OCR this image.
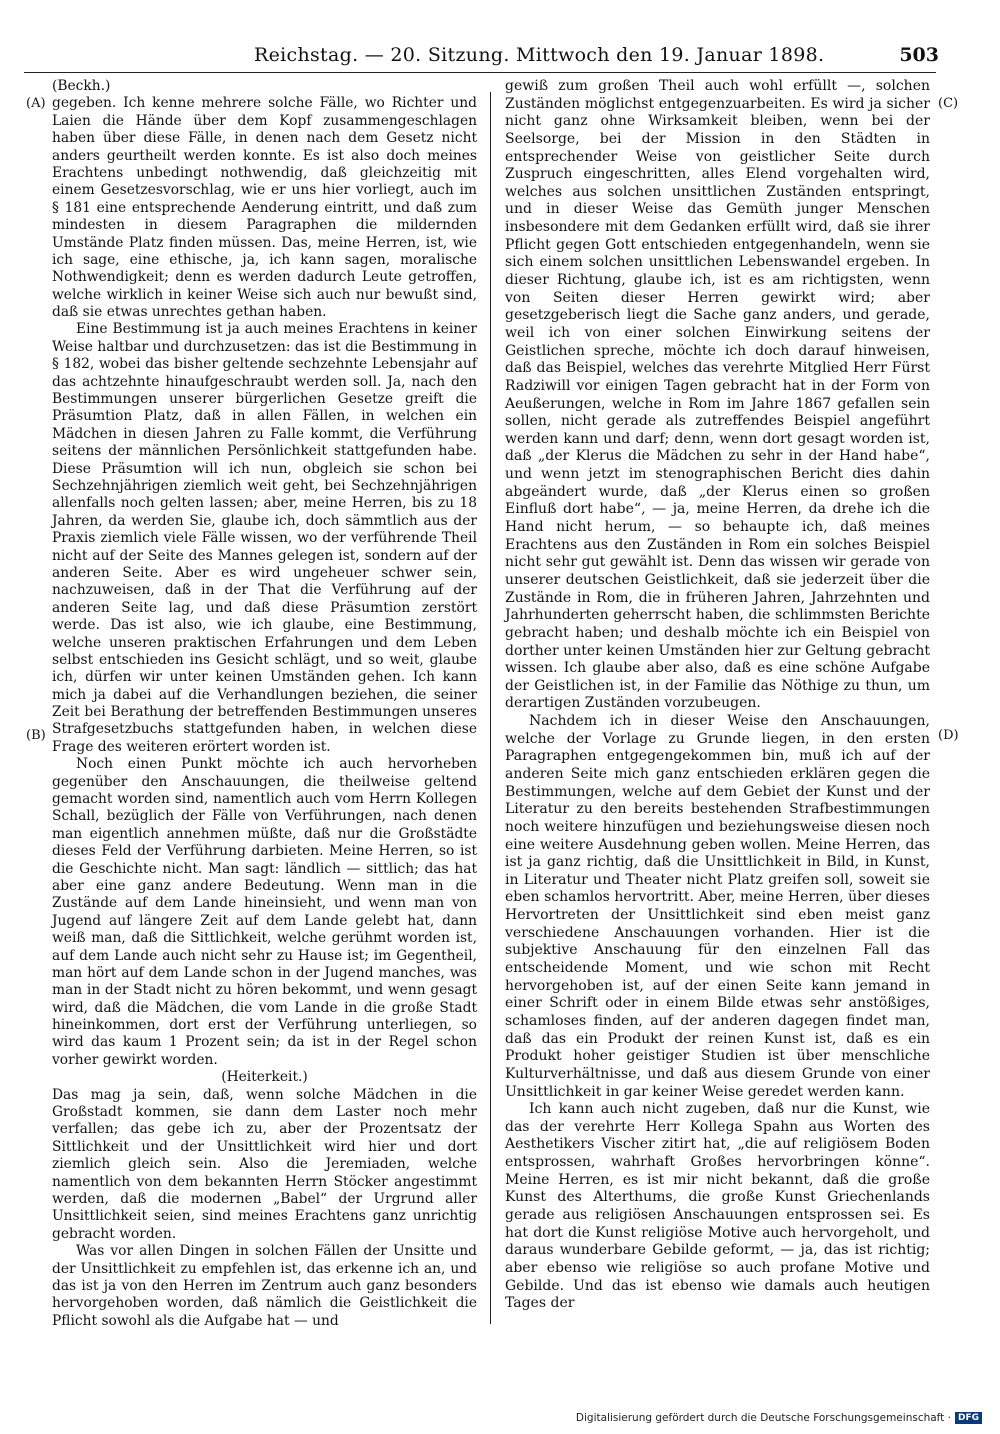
Reichstag. — 20. Sitzung. Mittwoch den 19. Januar 1898.	503
(A)
(B)
(C)
(D)
(Beckh.)

gegeben. Ich kenne mehrere solche Fälle, wo Richter und Laien die Hände über dem Kopf zusammengeschlagen haben über diese Fälle, in denen nach dem Gesetz nicht anders geurtheilt werden konnte. Es ist also doch meines Erachtens unbedingt nothwendig, daß gleichzeitig mit einem Gesetzesvorschlag, wie er uns hier vorliegt, auch im § 181 eine entsprechende Aenderung eintritt, und daß zum mindesten in diesem Paragraphen die mildernden Umstände Platz finden müssen. Das, meine Herren, ist, wie ich sage, eine ethische, ja, ich kann sagen, moralische Nothwendigkeit; denn es werden dadurch Leute getroffen, welche wirklich in keiner Weise sich auch nur bewußt sind, daß sie etwas unrechtes gethan haben.

Eine Bestimmung ist ja auch meines Erachtens in keiner Weise haltbar und durchzusetzen: das ist die Bestimmung in § 182, wobei das bisher geltende sechzehnte Lebensjahr auf das achtzehnte hinaufgeschraubt werden soll. Ja, nach den Bestimmungen unserer bürgerlichen Gesetze greift die Präsumtion Platz, daß in allen Fällen, in welchen ein Mädchen in diesen Jahren zu Falle kommt, die Verführung seitens der männlichen Persönlichkeit stattgefunden habe. Diese Präsumtion will ich nun, obgleich sie schon bei Sechzehnjährigen ziemlich weit geht, bei Sechzehnjährigen allenfalls noch gelten lassen; aber, meine Herren, bis zu 18 Jahren, da werden Sie, glaube ich, doch sämmtlich aus der Praxis ziemlich viele Fälle wissen, wo der verführende Theil nicht auf der Seite des Mannes gelegen ist, sondern auf der anderen Seite. Aber es wird ungeheuer schwer sein, nachzuweisen, daß in der That die Verführung auf der anderen Seite lag, und daß diese Präsumtion zerstört werde. Das ist also, wie ich glaube, eine Bestimmung, welche unseren praktischen Erfahrungen und dem Leben selbst entschieden ins Gesicht schlägt, und so weit, glaube ich, dürfen wir unter keinen Umständen gehen. Ich kann mich ja dabei auf die Verhandlungen beziehen, die seiner Zeit bei Berathung der betreffenden Bestimmungen unseres Strafgesetzbuchs stattgefunden haben, in welchen diese Frage des weiteren erörtert worden ist.

Noch einen Punkt möchte ich auch hervorheben gegenüber den Anschauungen, die theilweise geltend gemacht worden sind, namentlich auch vom Herrn Kollegen Schall, bezüglich der Fälle von Verführungen, nach denen man eigentlich annehmen müßte, daß nur die Großstädte dieses Feld der Verführung darbieten. Meine Herren, so ist die Geschichte nicht. Man sagt: ländlich — sittlich; das hat aber eine ganz andere Bedeutung. Wenn man in die Zustände auf dem Lande hineinsieht, und wenn man von Jugend auf längere Zeit auf dem Lande gelebt hat, dann weiß man, daß die Sittlichkeit, welche gerühmt worden ist, auf dem Lande auch nicht sehr zu Hause ist; im Gegentheil, man hört auf dem Lande schon in der Jugend manches, was man in der Stadt nicht zu hören bekommt, und wenn gesagt wird, daß die Mädchen, die vom Lande in die große Stadt hineinkommen, dort erst der Verführung unterliegen, so wird das kaum 1 Prozent sein; da ist in der Regel schon vorher gewirkt worden.

(Heiterkeit.)

Das mag ja sein, daß, wenn solche Mädchen in die Großstadt kommen, sie dann dem Laster noch mehr verfallen; das gebe ich zu, aber der Prozentsatz der Sittlichkeit und der Unsittlichkeit wird hier und dort ziemlich gleich sein. Also die Jeremiaden, welche namentlich von dem bekannten Herrn Stöcker angestimmt werden, daß die modernen „Babel“ der Urgrund aller Unsittlichkeit seien, sind meines Erachtens ganz unrichtig gebracht worden.

Was vor allen Dingen in solchen Fällen der Unsitte und der Unsittlichkeit zu empfehlen ist, das erkenne ich an, und das ist ja von den Herren im Zentrum auch ganz besonders hervorgehoben worden, daß nämlich die Geistlichkeit die Pflicht sowohl als die Aufgabe hat — und

gewiß zum großen Theil auch wohl erfüllt —, solchen Zuständen möglichst entgegenzuarbeiten. Es wird ja sicher nicht ganz ohne Wirksamkeit bleiben, wenn bei der Seelsorge, bei der Mission in den Städten in entsprechender Weise von geistlicher Seite durch Zuspruch eingeschritten, alles Elend vorgehalten wird, welches aus solchen unsittlichen Zuständen entspringt, und in dieser Weise das Gemüth junger Menschen insbesondere mit dem Gedanken erfüllt wird, daß sie ihrer Pflicht gegen Gott entschieden entgegenhandeln, wenn sie sich einem solchen unsittlichen Lebenswandel ergeben. In dieser Richtung, glaube ich, ist es am richtigsten, wenn von Seiten dieser Herren gewirkt wird; aber gesetzgeberisch liegt die Sache ganz anders, und gerade, weil ich von einer solchen Einwirkung seitens der Geistlichen spreche, möchte ich doch darauf hinweisen, daß das Beispiel, welches das verehrte Mitglied Herr Fürst Radziwill vor einigen Tagen gebracht hat in der Form von Aeußerungen, welche in Rom im Jahre 1867 gefallen sein sollen, nicht gerade als zutreffendes Beispiel angeführt werden kann und darf; denn, wenn dort gesagt worden ist, daß „der Klerus die Mädchen zu sehr in der Hand habe“, und wenn jetzt im stenographischen Bericht dies dahin abgeändert wurde, daß „der Klerus einen so großen Einfluß dort habe“, — ja, meine Herren, da drehe ich die Hand nicht herum, — so behaupte ich, daß meines Erachtens aus den Zuständen in Rom ein solches Beispiel nicht sehr gut gewählt ist. Denn das wissen wir gerade von unserer deutschen Geistlichkeit, daß sie jederzeit über die Zustände in Rom, die in früheren Jahren, Jahrzehnten und Jahrhunderten geherrscht haben, die schlimmsten Berichte gebracht haben; und deshalb möchte ich ein Beispiel von dorther unter keinen Umständen hier zur Geltung gebracht wissen. Ich glaube aber also, daß es eine schöne Aufgabe der Geistlichen ist, in der Familie das Nöthige zu thun, um derartigen Zuständen vorzubeugen.

Nachdem ich in dieser Weise den Anschauungen, welche der Vorlage zu Grunde liegen, in den ersten Paragraphen entgegengekommen bin, muß ich auf der anderen Seite mich ganz entschieden erklären gegen die Bestimmungen, welche auf dem Gebiet der Kunst und der Literatur zu den bereits bestehenden Strafbestimmungen noch weitere hinzufügen und beziehungsweise diesen noch eine weitere Ausdehnung geben wollen. Meine Herren, das ist ja ganz richtig, daß die Unsittlichkeit in Bild, in Kunst, in Literatur und Theater nicht Platz greifen soll, soweit sie eben schamlos hervortritt. Aber, meine Herren, über dieses Hervortreten der Unsittlichkeit sind eben meist ganz verschiedene Anschauungen vorhanden. Hier ist die subjektive Anschauung für den einzelnen Fall das entscheidende Moment, und wie schon mit Recht hervorgehoben ist, auf der einen Seite kann jemand in einer Schrift oder in einem Bilde etwas sehr anstößiges, schamloses finden, auf der anderen dagegen findet man, daß das ein Produkt der reinen Kunst ist, daß es ein Produkt hoher geistiger Studien ist über menschliche Kulturverhältnisse, und daß aus diesem Grunde von einer Unsittlichkeit in gar keiner Weise geredet werden kann.

Ich kann auch nicht zugeben, daß nur die Kunst, wie das der verehrte Herr Kollega Spahn aus Worten des Aesthetikers Vischer zitirt hat, „die auf religiösem Boden entsprossen, wahrhaft Großes hervorbringen könne“. Meine Herren, es ist mir nicht bekannt, daß die große Kunst des Alterthums, die große Kunst Griechenlands gerade aus religiösen Anschauungen entsprossen sei. Es hat dort die Kunst religiöse Motive auch hervorgeholt, und daraus wunderbare Gebilde geformt, — ja, das ist richtig; aber ebenso wie religiöse so auch profane Motive und Gebilde. Und das ist ebenso wie damals auch heutigen Tages der

Digitalisierung gefördert durch die Deutsche Forschungsgemeinschaft · DFG
